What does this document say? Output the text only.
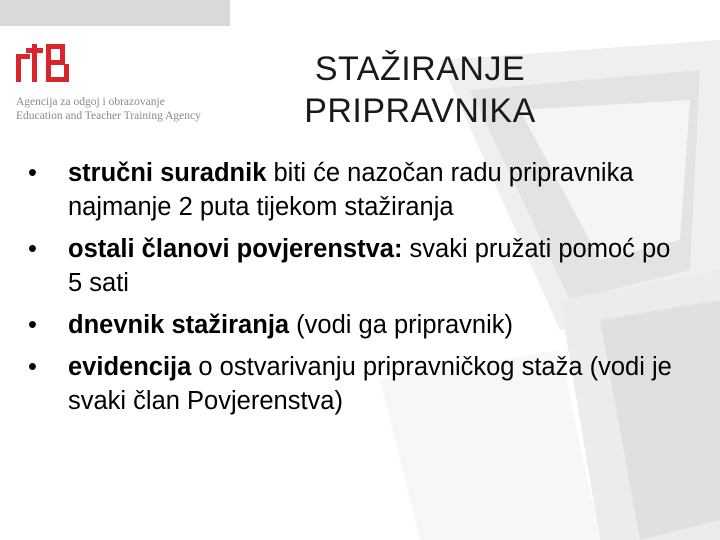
Agencija za odgoj i obrazovanje
Education and Teacher Training Agency
STAŽIRANJE
PRIPRAVNIKA
•	stručni suradnik biti će nazočan radu pripravnika najmanje 2 puta tijekom stažiranja
•	ostali članovi povjerenstva: svaki pružati pomoć po 5 sati
•	dnevnik stažiranja (vodi ga pripravnik)
•	evidencija o ostvarivanju pripravničkog staža (vodi je svaki član Povjerenstva)
